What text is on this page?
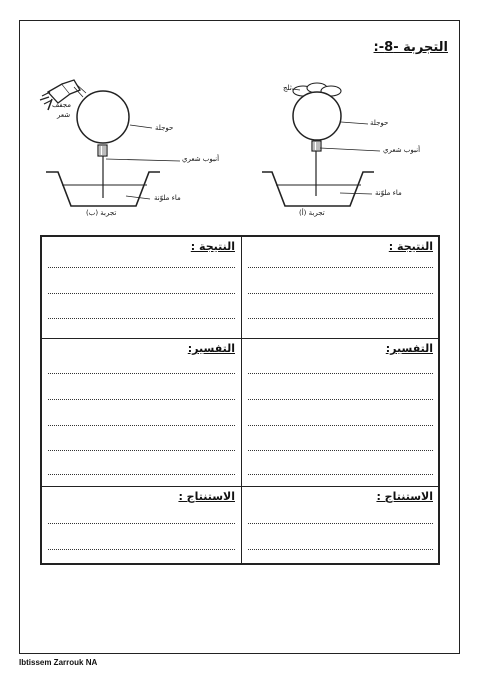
التجربة -8-:
مجفف
شعر
حوجلة
أنبوب شعري
ماء ملوّنة
تجربة (ب)
ثلج
حوجلة
أنبوب شعري
ماء ملوّنة
تجربة (أ)
النتيجة :	النتيجة :
التفسير:	التفسير:
الاستنتاج :	الاستنتاج :
Ibtissem Zarrouk NA
